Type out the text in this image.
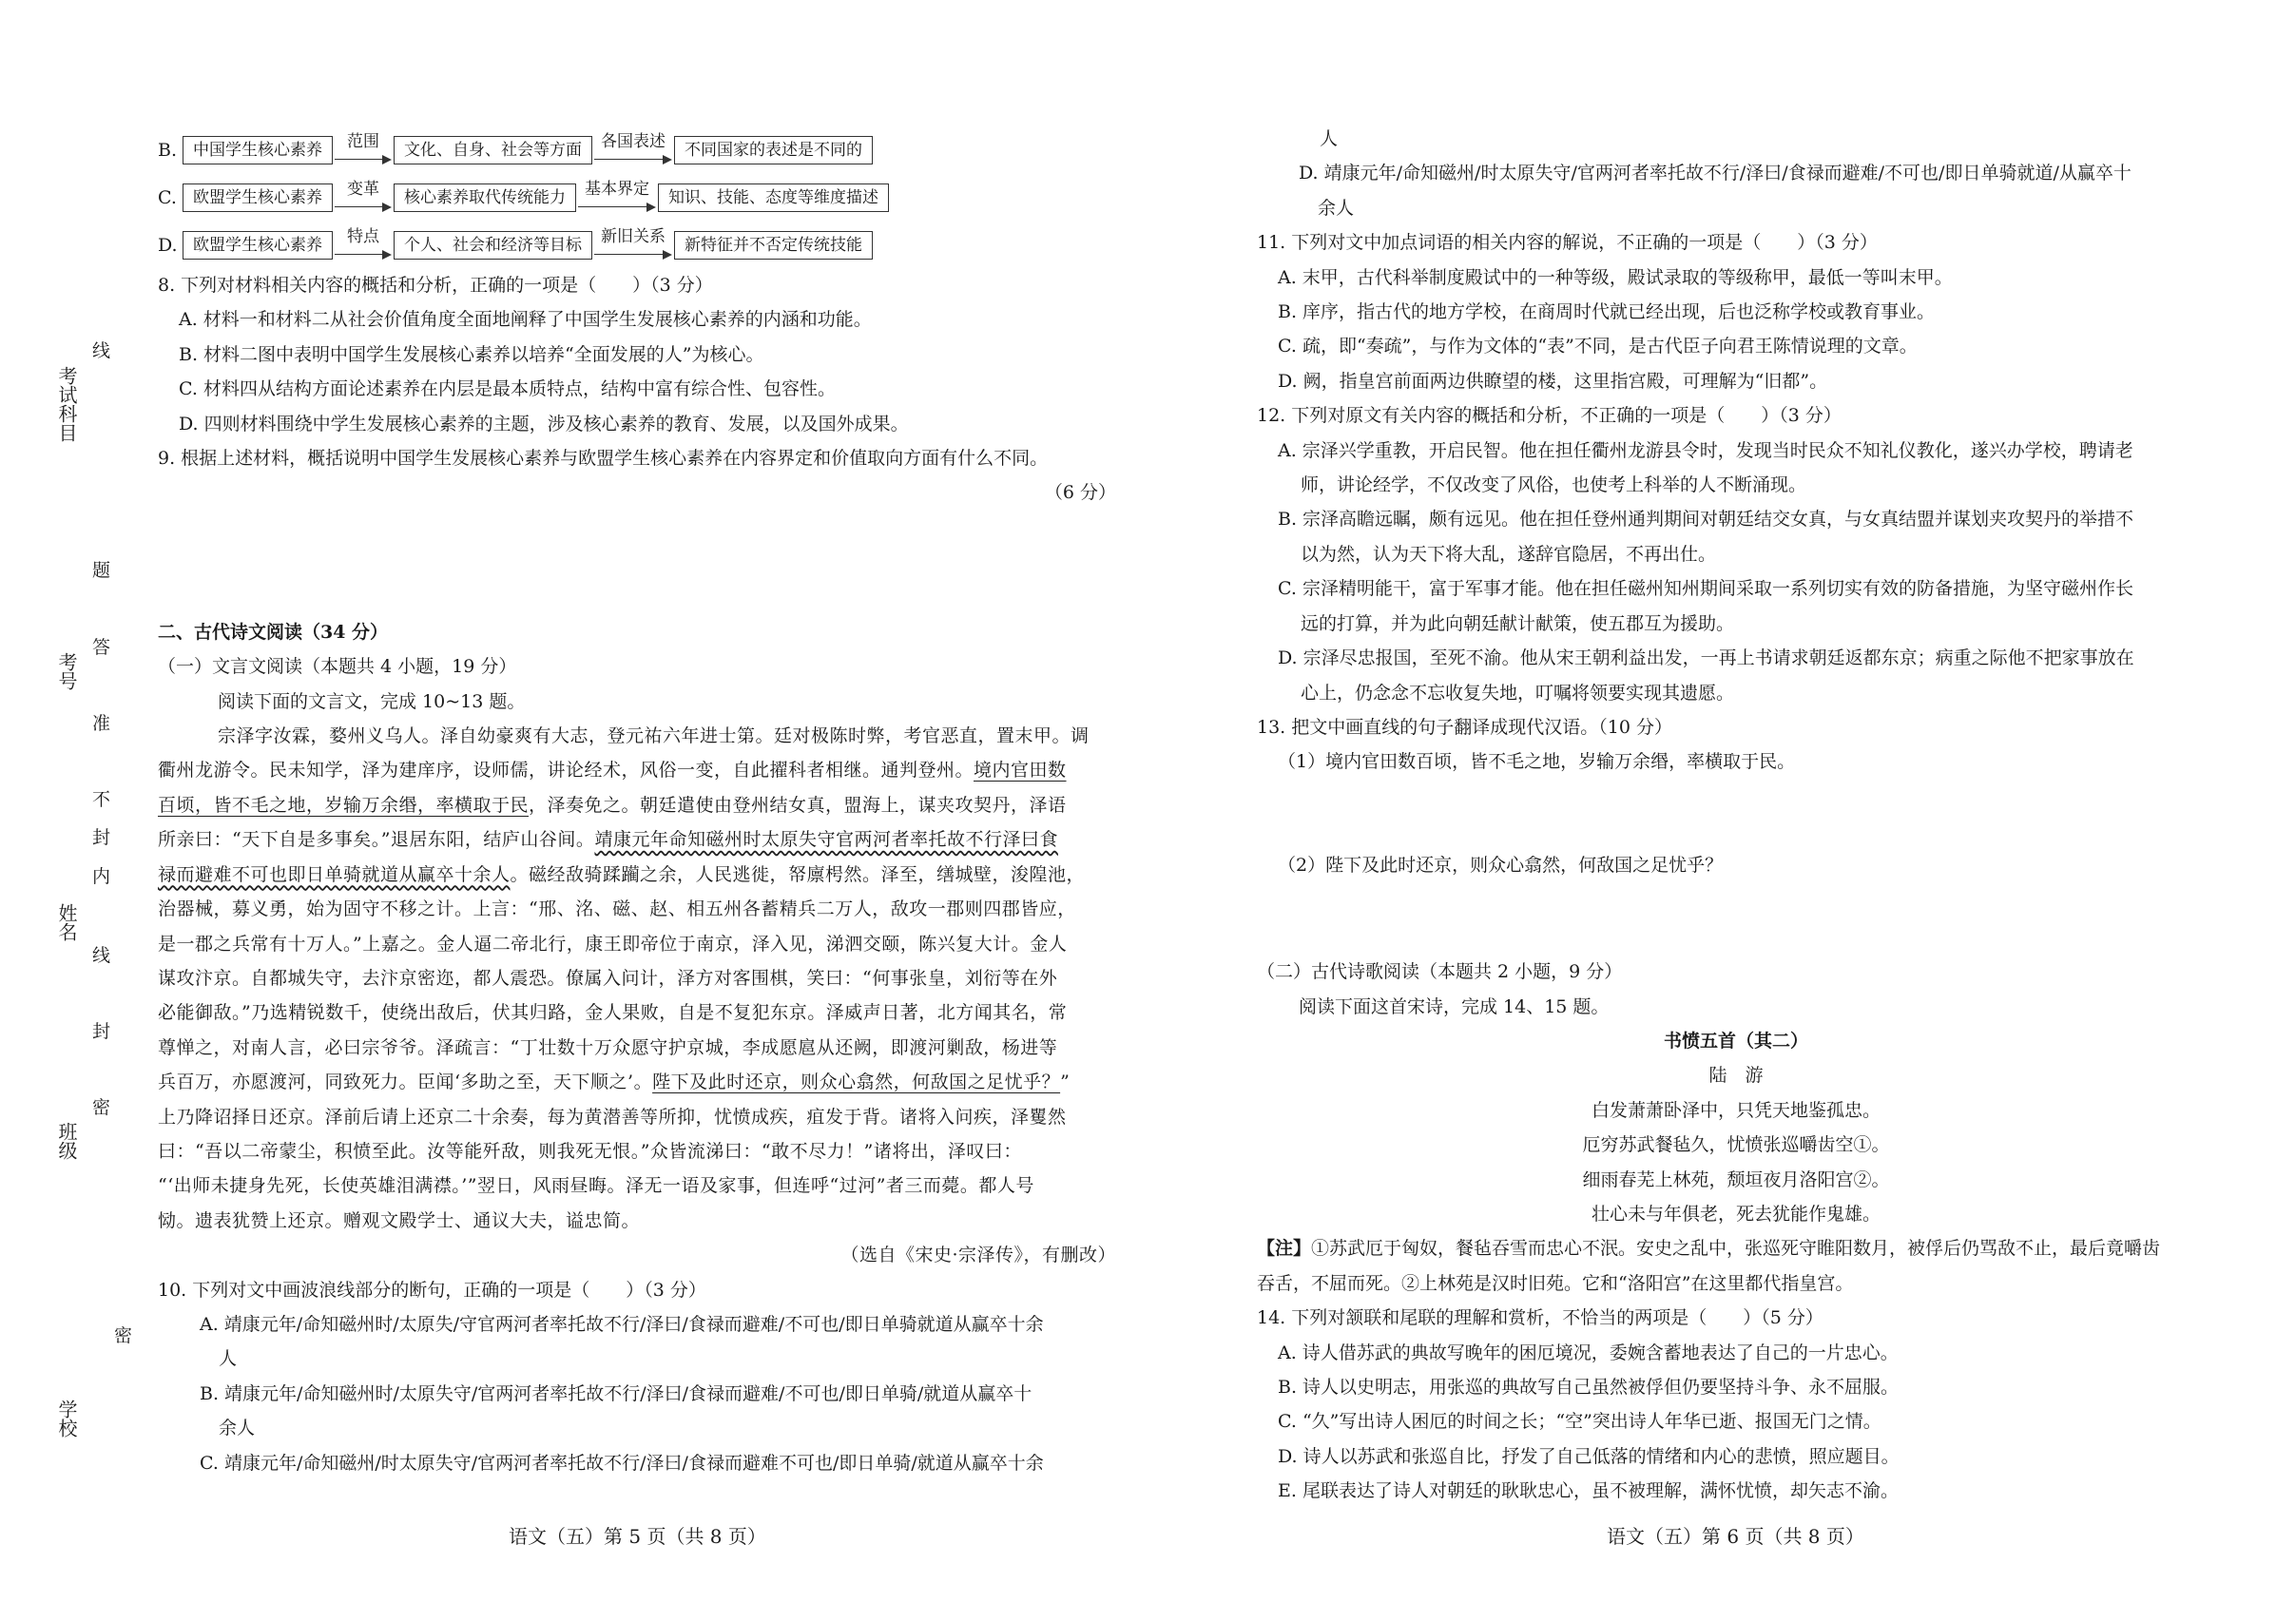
考试科目
考号
姓名
班级
学校
线
题
答
准
不
内
封
线
封
密
密
B. 中国学生核心素养	范围	文化、自身、社会等方面	各国表述	不同国家的表述是不同的
C.	欧盟学生核心素养	变革	核心素养取代传统能力	基本界定	知识、技能、态度等维度描述
D. 欧盟学生核心素养	特点	个人、社会和经济等目标	新旧关系	新特征并不否定传统技能
8. 下列对材料相关内容的概括和分析，正确的一项是（　　）（3 分）
A. 材料一和材料二从社会价值角度全面地阐释了中国学生发展核心素养的内涵和功能。
B. 材料二图中表明中国学生发展核心素养以培养“全面发展的人”为核心。
C. 材料四从结构方面论述素养在内层是最本质特点，结构中富有综合性、包容性。
D. 四则材料围绕中学生发展核心素养的主题，涉及核心素养的教育、发展，以及国外成果。
9. 根据上述材料，概括说明中国学生发展核心素养与欧盟学生核心素养在内容界定和价值取向方面有什么不同。
（6 分）
二、古代诗文阅读（34 分）
（一）文言文阅读（本题共 4 小题，19 分）
阅读下面的文言文，完成 10~13 题。
宗泽字汝霖，婺州义乌人。泽自幼豪爽有大志，登元祐六年进士第。廷对极陈时弊，考官恶直，置末甲。调
衢州龙游令。民未知学，泽为建庠序，设师儒，讲论经术，风俗一变，自此擢科者相继。通判登州。境内官田数
百顷，皆不毛之地，岁输万余缗，率横取于民，泽奏免之。朝廷遣使由登州结女真，盟海上，谋夹攻契丹，泽语
所亲曰：“天下自是多事矣。”退居东阳，结庐山谷间。靖康元年命知磁州时太原失守官两河者率托故不行泽曰食
禄而避难不可也即日单骑就道从赢卒十余人。磁经敌骑蹂躏之余，人民逃徙，帑廪枵然。泽至，缮城壁，浚隍池，
治器械，募义勇，始为固守不移之计。上言：“邢、洺、磁、赵、相五州各蓄精兵二万人，敌攻一郡则四郡皆应，
是一郡之兵常有十万人。”上嘉之。金人逼二帝北行，康王即帝位于南京，泽入见，涕泗交颐，陈兴复大计。金人
谋攻汴京。自都城失守，去汴京密迩，都人震恐。僚属入问计，泽方对客围棋，笑曰：“何事张皇，刘衍等在外
必能御敌。”乃选精锐数千，使绕出敌后，伏其归路，金人果败，自是不复犯东京。泽威声日著，北方闻其名，常
尊惮之，对南人言，必曰宗爷爷。泽疏言：“丁壮数十万众愿守护京城，李成愿扈从还阙，即渡河剿敌，杨进等
兵百万，亦愿渡河，同致死力。臣闻‘多助之至，天下顺之’。陛下及此时还京，则众心翕然，何敌国之足忧乎？”
上乃降诏择日还京。泽前后请上还京二十余奏，每为黄潜善等所抑，忧愤成疾，疽发于背。诸将入问疾，泽矍然
曰：“吾以二帝蒙尘，积愤至此。汝等能歼敌，则我死无恨。”众皆流涕曰：“敢不尽力！”诸将出，泽叹曰：
“‘出师未捷身先死，长使英雄泪满襟。’”翌日，风雨昼晦。泽无一语及家事，但连呼“过河”者三而薨。都人号
恸。遗表犹赞上还京。赠观文殿学士、通议大夫，谥忠简。
（选自《宋史·宗泽传》，有删改）
10. 下列对文中画波浪线部分的断句，正确的一项是（　　）（3 分）
A. 靖康元年/命知磁州时/太原失/守官两河者率托故不行/泽曰/食禄而避难/不可也/即日单骑就道从赢卒十余
人
B. 靖康元年/命知磁州时/太原失守/官两河者率托故不行/泽曰/食禄而避难/不可也/即日单骑/就道从赢卒十
余人
C. 靖康元年/命知磁州/时太原失守/官两河者率托故不行/泽曰/食禄而避难不可也/即日单骑/就道从赢卒十余
语文（五）第 5 页（共 8 页）
人
D. 靖康元年/命知磁州/时太原失守/官两河者率托故不行/泽曰/食禄而避难/不可也/即日单骑就道/从赢卒十
余人
11. 下列对文中加点词语的相关内容的解说，不正确的一项是（　　）（3 分）
A. 末甲，古代科举制度殿试中的一种等级，殿试录取的等级称甲，最低一等叫末甲。
B. 庠序，指古代的地方学校，在商周时代就已经出现，后也泛称学校或教育事业。
C. 疏，即“奏疏”，与作为文体的“表”不同，是古代臣子向君王陈情说理的文章。
D. 阙，指皇宫前面两边供瞭望的楼，这里指宫殿，可理解为“旧都”。
12. 下列对原文有关内容的概括和分析，不正确的一项是（　　）（3 分）
A. 宗泽兴学重教，开启民智。他在担任衢州龙游县令时，发现当时民众不知礼仪教化，遂兴办学校，聘请老
师，讲论经学，不仅改变了风俗，也使考上科举的人不断涌现。
B. 宗泽高瞻远瞩，颇有远见。他在担任登州通判期间对朝廷结交女真，与女真结盟并谋划夹攻契丹的举措不
以为然，认为天下将大乱，遂辞官隐居，不再出仕。
C. 宗泽精明能干，富于军事才能。他在担任磁州知州期间采取一系列切实有效的防备措施，为坚守磁州作长
远的打算，并为此向朝廷献计献策，使五郡互为援助。
D. 宗泽尽忠报国，至死不渝。他从宋王朝利益出发，一再上书请求朝廷返都东京；病重之际他不把家事放在
心上，仍念念不忘收复失地，叮嘱将领要实现其遗愿。
13. 把文中画直线的句子翻译成现代汉语。（10 分）
（1）境内官田数百顷，皆不毛之地，岁输万余缗，率横取于民。
（2）陛下及此时还京，则众心翕然，何敌国之足忧乎？
（二）古代诗歌阅读（本题共 2 小题，9 分）
阅读下面这首宋诗，完成 14、15 题。
书愤五首（其二）
陆　游
白发萧萧卧泽中，只凭天地鉴孤忠。
厄穷苏武餐毡久，忧愤张巡嚼齿空①。
细雨春芜上林苑，颓垣夜月洛阳宫②。
壮心未与年俱老，死去犹能作鬼雄。
【注】①苏武厄于匈奴，餐毡吞雪而忠心不泯。安史之乱中，张巡死守睢阳数月，被俘后仍骂敌不止，最后竟嚼齿
吞舌，不屈而死。②上林苑是汉时旧苑。它和“洛阳宫”在这里都代指皇宫。
14. 下列对颔联和尾联的理解和赏析，不恰当的两项是（　　）（5 分）
A. 诗人借苏武的典故写晚年的困厄境况，委婉含蓄地表达了自己的一片忠心。
B. 诗人以史明志，用张巡的典故写自己虽然被俘但仍要坚持斗争、永不屈服。
C. “久”写出诗人困厄的时间之长；“空”突出诗人年华已逝、报国无门之情。
D. 诗人以苏武和张巡自比，抒发了自己低落的情绪和内心的悲愤，照应题目。
E. 尾联表达了诗人对朝廷的耿耿忠心，虽不被理解，满怀忧愤，却矢志不渝。
语文（五）第 6 页（共 8 页）
